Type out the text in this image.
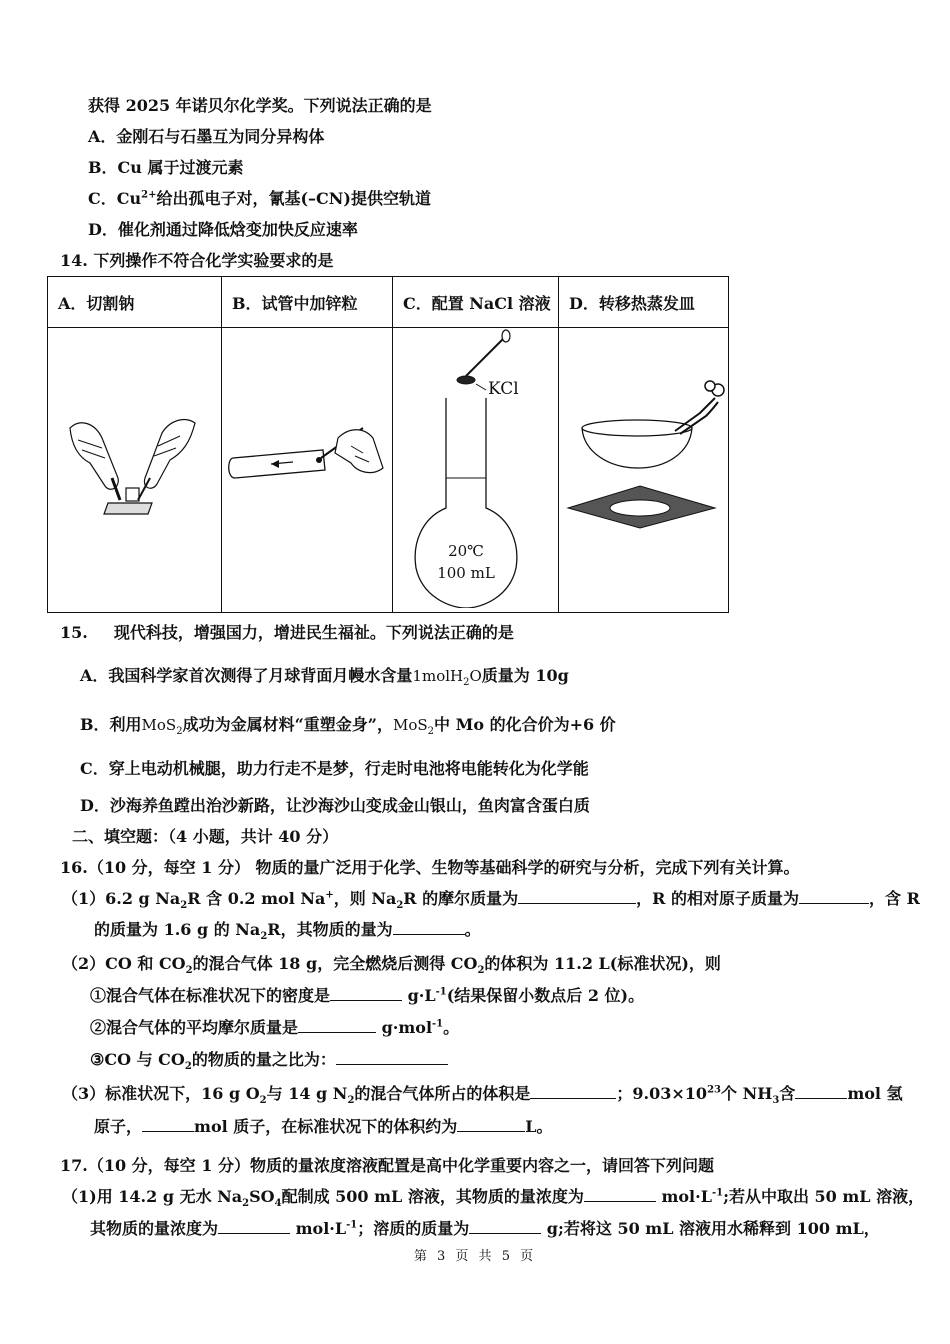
获得 2025 年诺贝尔化学奖。下列说法正确的是
A．金刚石与石墨互为同分异构体
B．Cu 属于过渡元素
C．$Cu^{2+}$给出孤电子对，氰基(–CN)提供空轨道
D．催化剂通过降低焓变加快反应速率
14. 下列操作不符合化学实验要求的是
A．切割钠	B．试管中加锌粒	C．配置 NaCl 溶液	D．转移热蒸发皿

KCl
20℃
100 mL

15. 现代科技，增强国力，增进民生福祉。下列说法正确的是
A．我国科学家首次测得了月球背面月幔水含量1molH$_2$O质量为 10g
B．利用MoS$_2$成功为金属材料“重塑金身”，MoS$_2$中 Mo 的化合价为+6 价
C．穿上电动机械腿，助力行走不是梦，行走时电池将电能转化为化学能
D．沙海养鱼蹚出治沙新路，让沙海沙山变成金山银山，鱼肉富含蛋白质
二、填空题：（4 小题，共计 40 分）
16.（10 分，每空 1 分） 物质的量广泛用于化学、生物等基础科学的研究与分析，完成下列有关计算。
（1）6.2 g $Na_2R$ 含 0.2 mol Na+，则 $Na_2R$ 的摩尔质量为	，R 的相对原子质量为	，含 R
的质量为 1.6 g 的 $Na_2R$，其物质的量为	。
（2）CO 和 $CO_2$的混合气体 18 g，完全燃烧后测得 $CO_2$的体积为 11.2 L(标准状况)，则
①混合气体在标准状况下的密度是	$g\cdot L^{-1}$(结果保留小数点后 2 位)。
②混合气体的平均摩尔质量是	g·mol$^{-1}$。
③CO 与 $CO_2$的物质的量之比为：
（3）标准状况下，16 g $O_2$与 14 g $N_2$的混合气体所占的体积是	；$9.03\times 10^{23}$个 $NH_3$含	mol 氢
原子，	mol 质子，在标准状况下的体积约为	L。
17.（10 分，每空 1 分）物质的量浓度溶液配置是高中化学重要内容之一，请回答下列问题
（1)用 14.2 g 无水 $Na_2SO_4$配制成 500 mL 溶液，其物质的量浓度为	$mol\cdot L^{-1}$;若从中取出 50 mL 溶液，
其物质的量浓度为	$mol\cdot L^{-1}$；溶质的质量为	g;若将这 50 mL 溶液用水稀释到 100 mL，
第 3 页 共 5 页
